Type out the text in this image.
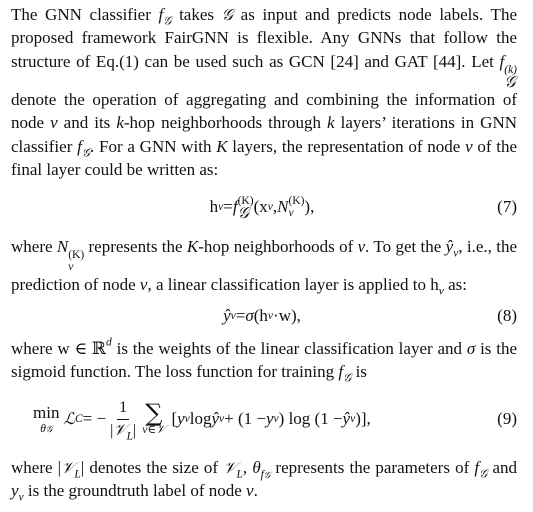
The GNN classifier $f_𝒢$ takes 𝒢 as input and predicts node labels. The proposed framework FairGNN is flexible. Any GNNs that follow the structure of Eq.(1) can be used such as GCN [24] and GAT [44]. Let f (k)
𝒢
denote the operation of aggregating and combining the information of node v and its k-hop neighborhoods through k layers’ iterations in GNN classifier $f_𝒢$. For a GNN with K layers, the representation of node v of the final layer could be written as:

h v = f (K)
𝒢 ( x v , N (K)
v ),	(7)

where N (K)
v
represents the K-hop neighborhoods of v. To get the $ŷ_v$, i.e., the prediction of node v, a linear classification layer is applied to $h_v$ as:

ŷ v = σ ( h v · w ),	(8)

where w ∈ ℝ$^d$ is the weights of the linear classification layer and σ is the sigmoid function. The loss function for training $f_𝒢$ is

min
θ𝒢
ℒ C = − $\frac{1}{|𝒱_L|}$ ∑
v∈𝒱
[ y v log ŷ v + (1 − y v ) log (1 − ŷ v )],	(9)

where |𝒱$_L$| denotes the size of 𝒱$_L$, $\theta_{f𝒢}$ represents the parameters of $f_𝒢$ and $y_v$ is the groundtruth label of node v.
